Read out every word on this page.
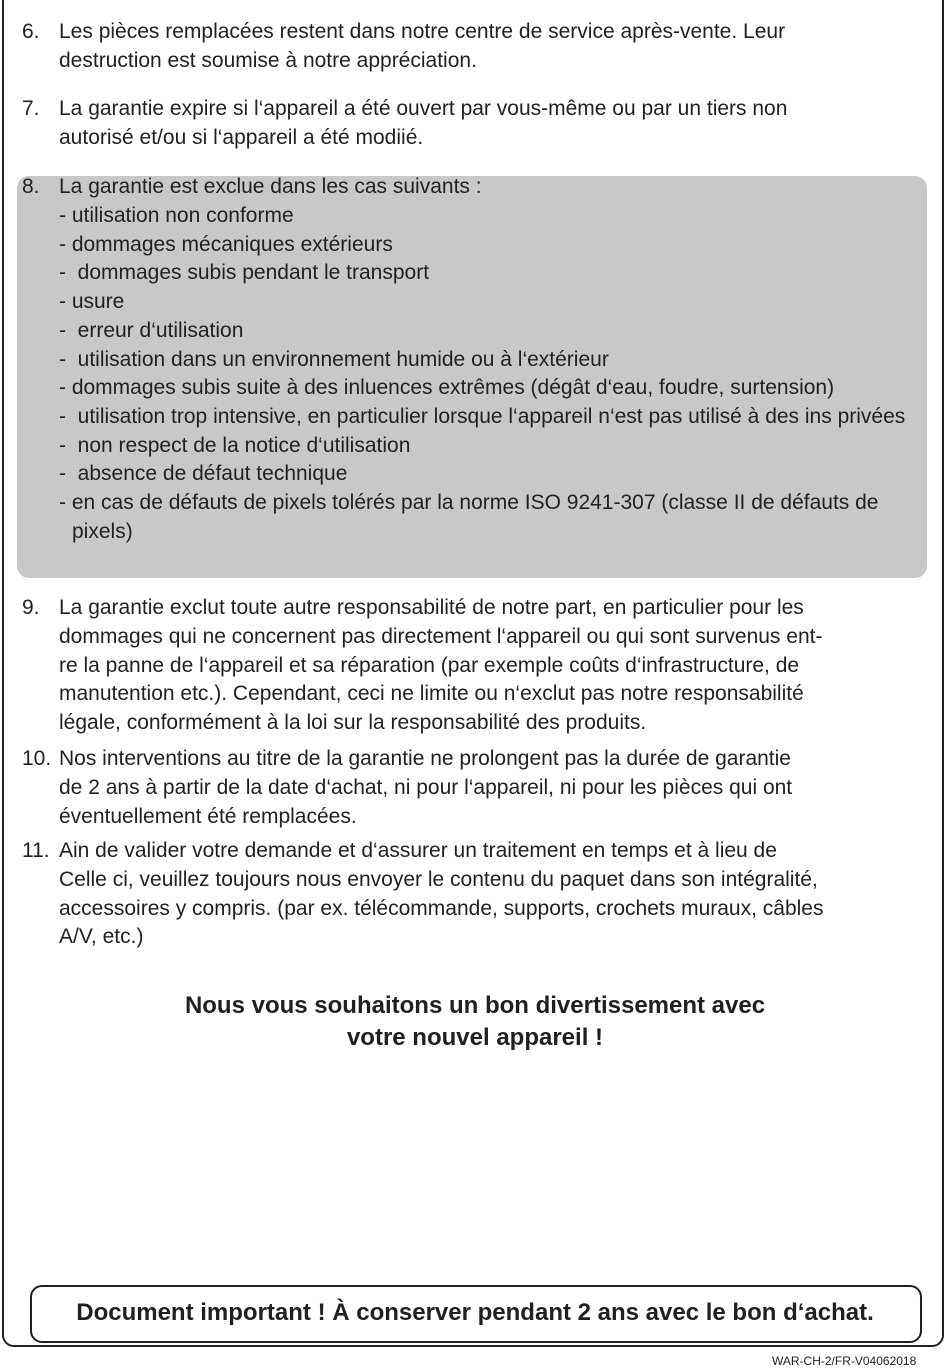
6. Les pièces remplacées restent dans notre centre de service après-vente. Leur
destruction est soumise à notre appréciation.
7. La garantie expire si l‘appareil a été ouvert par vous-même ou par un tiers non
autorisé et/ou si l‘appareil a été modiié.
8. La garantie est exclue dans les cas suivants :
- utilisation non conforme
- dommages mécaniques extérieurs
-  dommages subis pendant le transport
- usure
-  erreur d‘utilisation
-  utilisation dans un environnement humide ou à l‘extérieur
- dommages subis suite à des inluences extrêmes (dégât d‘eau, foudre, surtension)
-  utilisation trop intensive, en particulier lorsque l‘appareil n‘est pas utilisé à des ins privées
-  non respect de la notice d‘utilisation
-  absence de défaut technique
- en cas de défauts de pixels tolérés par la norme ISO 9241-307 (classe II de défauts de pixels)
9. La garantie exclut toute autre responsabilité de notre part, en particulier pour les
dommages qui ne concernent pas directement l‘appareil ou qui sont survenus ent-
re la panne de l‘appareil et sa réparation (par exemple coûts d‘infrastructure, de
manutention etc.). Cependant, ceci ne limite ou n‘exclut pas notre responsabilité
légale, conformément à la loi sur la responsabilité des produits.
10. Nos interventions au titre de la garantie ne prolongent pas la durée de garantie
de 2 ans à partir de la date d‘achat, ni pour l‘appareil, ni pour les pièces qui ont
éventuellement été remplacées.
11. Ain de valider votre demande et d‘assurer un traitement en temps et à lieu de
Celle ci, veuillez toujours nous envoyer le contenu du paquet dans son intégralité,
accessoires y compris. (par ex. télécommande, supports, crochets muraux, câbles
A/V, etc.)
Nous vous souhaitons un bon divertissement avec
votre nouvel appareil !
Document important ! À conserver pendant 2 ans avec le bon d‘achat.
WAR-CH-2/FR-V04062018
